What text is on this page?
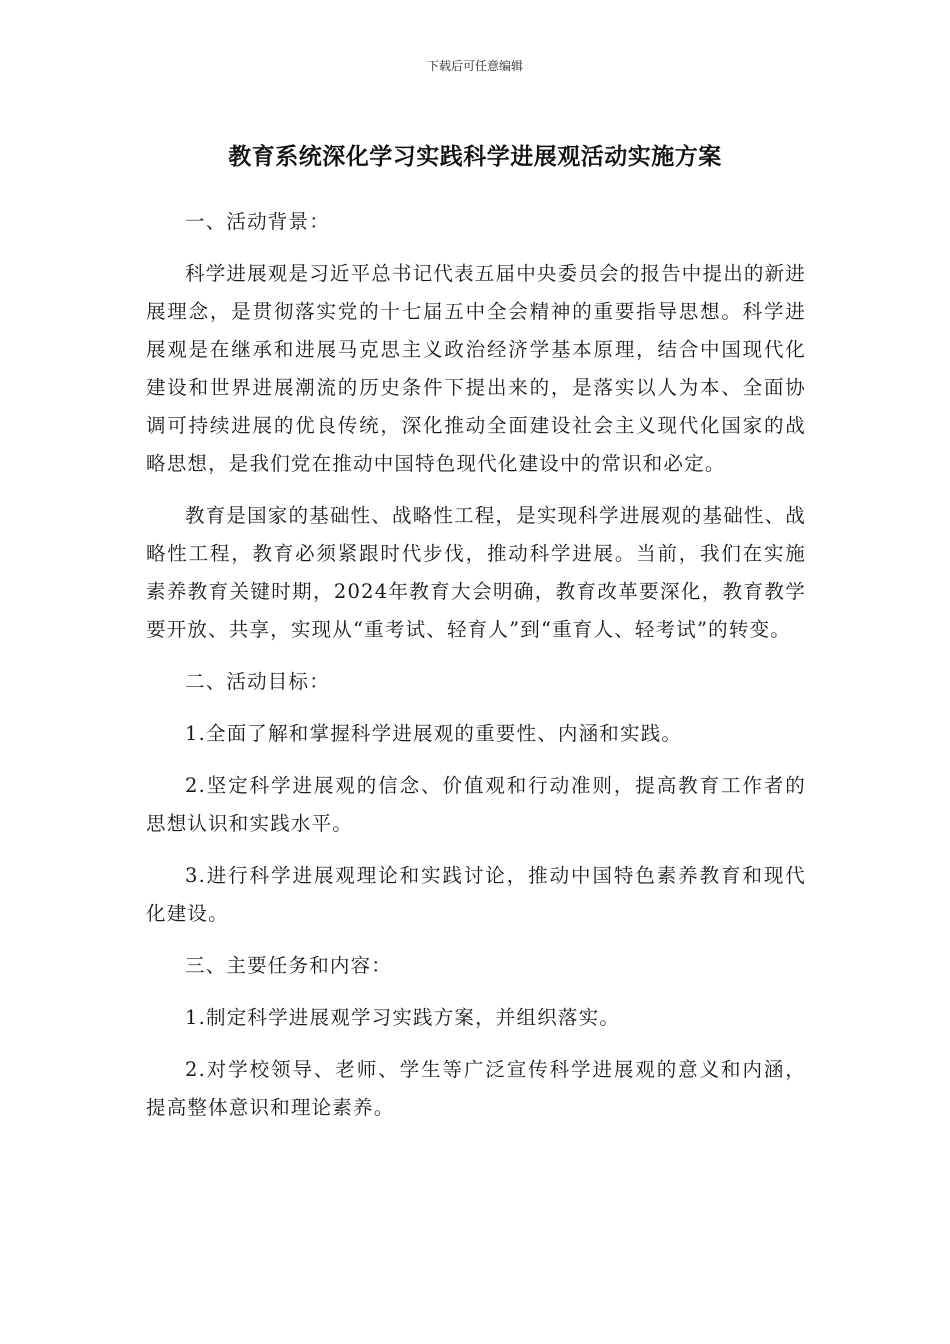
下载后可任意编辑
教育系统深化学习实践科学进展观活动实施方案

一、活动背景：

科学进展观是习近平总书记代表五届中央委员会的报告中提出的新进展理念，是贯彻落实党的十七届五中全会精神的重要指导思想。科学进展观是在继承和进展马克思主义政治经济学基本原理，结合中国现代化建设和世界进展潮流的历史条件下提出来的，是落实以人为本、全面协调可持续进展的优良传统，深化推动全面建设社会主义现代化国家的战略思想，是我们党在推动中国特色现代化建设中的常识和必定。

教育是国家的基础性、战略性工程，是实现科学进展观的基础性、战略性工程，教育必须紧跟时代步伐，推动科学进展。当前，我们在实施素养教育关键时期，2024年教育大会明确，教育改革要深化，教育教学要开放、共享，实现从“重考试、轻育人”到“重育人、轻考试”的转变。

二、活动目标：

1.全面了解和掌握科学进展观的重要性、内涵和实践。

2.坚定科学进展观的信念、价值观和行动准则，提高教育工作者的思想认识和实践水平。

3.进行科学进展观理论和实践讨论，推动中国特色素养教育和现代化建设。

三、主要任务和内容：

1.制定科学进展观学习实践方案，并组织落实。

2.对学校领导、老师、学生等广泛宣传科学进展观的意义和内涵，提高整体意识和理论素养。
